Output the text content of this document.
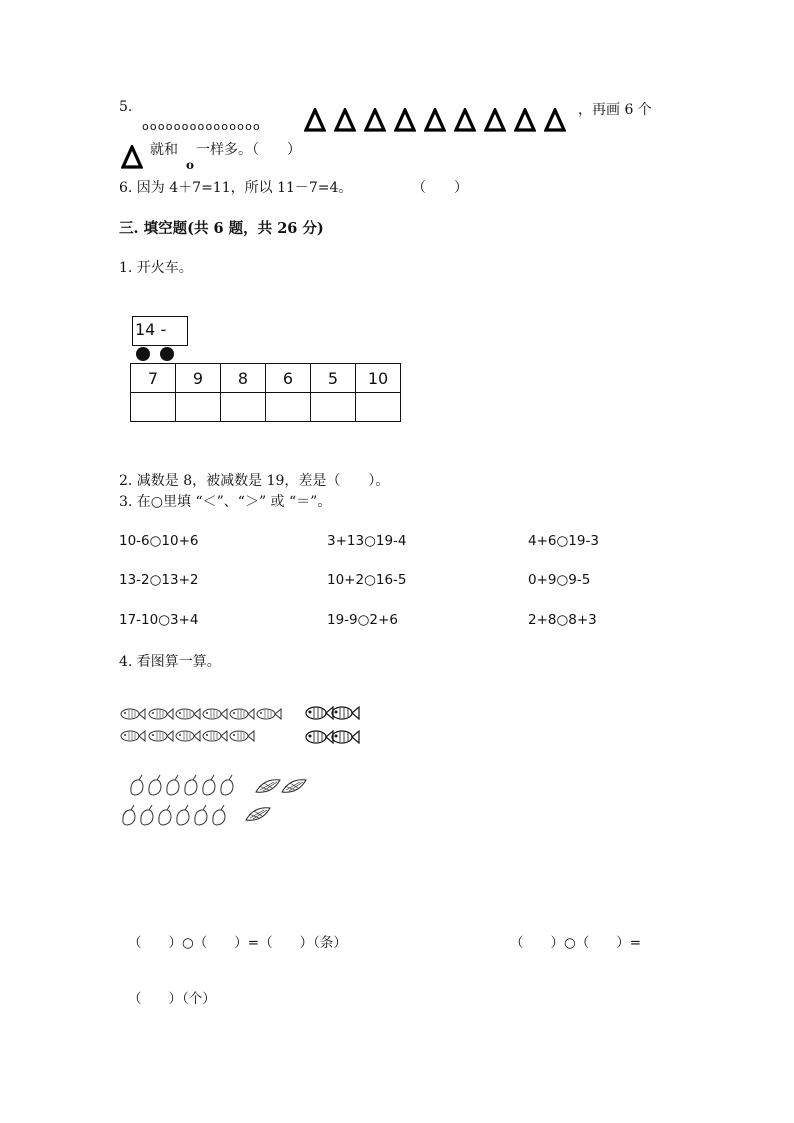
5.
ooooooooooooooo
，再画 6 个
就和 一样多。（　　）
o
6. 因为 4＋7=11，所以 11－7=4。	（　　）
三. 填空题(共 6 题，共 26 分)
1. 开火车。
14 -
7	9	8	6	5	10

2. 减数是 8，被减数是 19，差是（　　）。
3. 在○里填 “＜”、“＞” 或 “＝”。
10-6○10+6	3+13○19-4	4+6○19-3
13-2○13+2	10+2○16-5	0+9○9-5
17-10○3+4	19-9○2+6	2+8○8+3
4. 看图算一算。
（　　）○（　　）=（　　）（条）	（　　）○（　　）=
（　　）（个）
